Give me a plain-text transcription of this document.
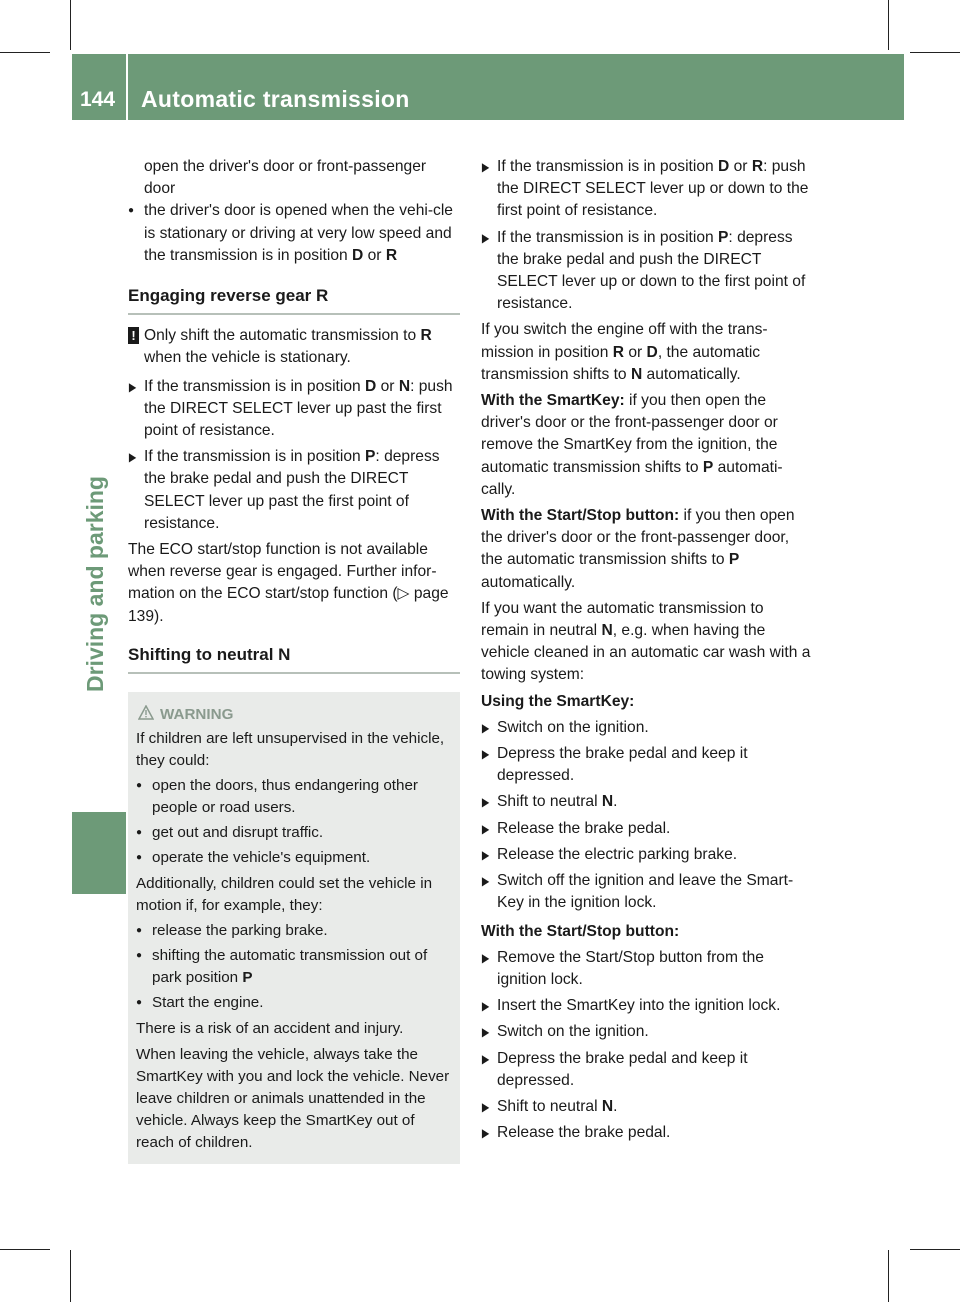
144 Automatic transmission
Driving and parking

open the driver's door or front-passenger door

● the driver's door is opened when the vehi-cle is stationary or driving at very low speed and the transmission is in position D or R

Engaging reverse gear R

! Only shift the automatic transmission to R when the vehicle is stationary.

▶ If the transmission is in position D or N: push the DIRECT SELECT lever up past the first point of resistance.

▶ If the transmission is in position P: depress the brake pedal and push the DIRECT SELECT lever up past the first point of resistance.

The ECO start/stop function is not available when reverse gear is engaged. Further infor-mation on the ECO start/stop function (▷ page 139).

Shifting to neutral N
WARNING

If children are left unsupervised in the vehicle, they could:

● open the doors, thus endangering other people or road users.

● get out and disrupt traffic.

● operate the vehicle's equipment.

Additionally, children could set the vehicle in motion if, for example, they:

● release the parking brake.

● shifting the automatic transmission out of park position P

● Start the engine.

There is a risk of an accident and injury.

When leaving the vehicle, always take the SmartKey with you and lock the vehicle. Never leave children or animals unattended in the vehicle. Always keep the SmartKey out of reach of children.

▶ If the transmission is in position D or R: push the DIRECT SELECT lever up or down to the first point of resistance.

▶ If the transmission is in position P: depress the brake pedal and push the DIRECT SELECT lever up or down to the first point of resistance.

If you switch the engine off with the trans-mission in position R or D, the automatic transmission shifts to N automatically.

With the SmartKey: if you then open the driver's door or the front-passenger door or remove the SmartKey from the ignition, the automatic transmission shifts to P automati-cally.

With the Start/Stop button: if you then open the driver's door or the front-passenger door, the automatic transmission shifts to P automatically.

If you want the automatic transmission to remain in neutral N, e.g. when having the vehicle cleaned in an automatic car wash with a towing system:

Using the SmartKey:

▶ Switch on the ignition.

▶ Depress the brake pedal and keep it depressed.

▶ Shift to neutral N.

▶ Release the brake pedal.

▶ Release the electric parking brake.

▶ Switch off the ignition and leave the Smart-Key in the ignition lock.

With the Start/Stop button:

▶ Remove the Start/Stop button from the ignition lock.

▶ Insert the SmartKey into the ignition lock.

▶ Switch on the ignition.

▶ Depress the brake pedal and keep it depressed.

▶ Shift to neutral N.

▶ Release the brake pedal.
